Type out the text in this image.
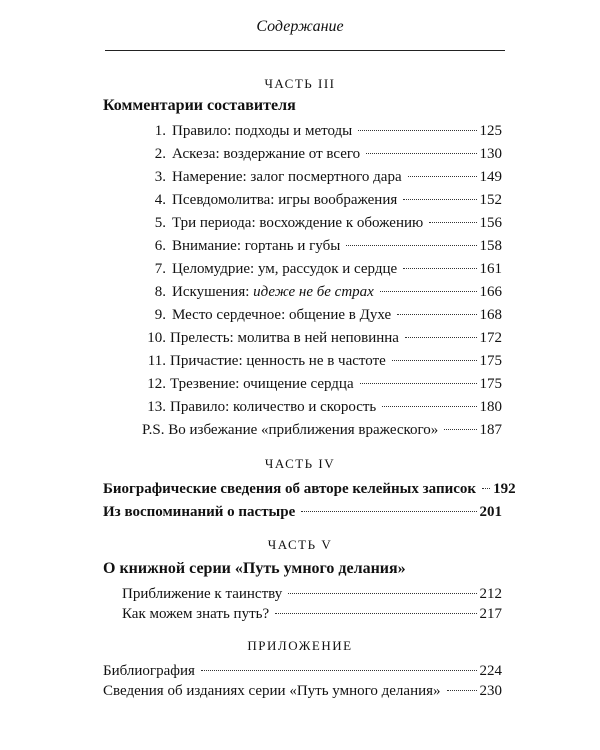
Содержание
ЧАСТЬ III
Комментарии составителя
1. Правило: подходы и методы	125
2. Аскеза: воздержание от всего	130
3. Намерение: залог посмертного дара	149
4. Псевдомолитва: игры воображения	152
5. Три периода: восхождение к обожению	156
6. Внимание: гортань и губы	158
7. Целомудрие: ум, рассудок и сердце	161
8. Искушения: идеже не бе страх	166
9. Место сердечное: общение в Духе	168
10. Прелесть: молитва в ней неповинна	172
11. Причастие: ценность не в частоте	175
12. Трезвение: очищение сердца	175
13. Правило: количество и скорость	180
P.S. Во избежание «приближения вражеского»	187
ЧАСТЬ IV
Биографические сведения об авторе келейных записок 192
Из воспоминаний о пастыре	201
ЧАСТЬ V
О книжной серии «Путь умного делания»
Приближение к таинству	212
Как можем знать путь?	217
ПРИЛОЖЕНИЕ
Библиография	224
Сведения об изданиях серии «Путь умного делания»	230
